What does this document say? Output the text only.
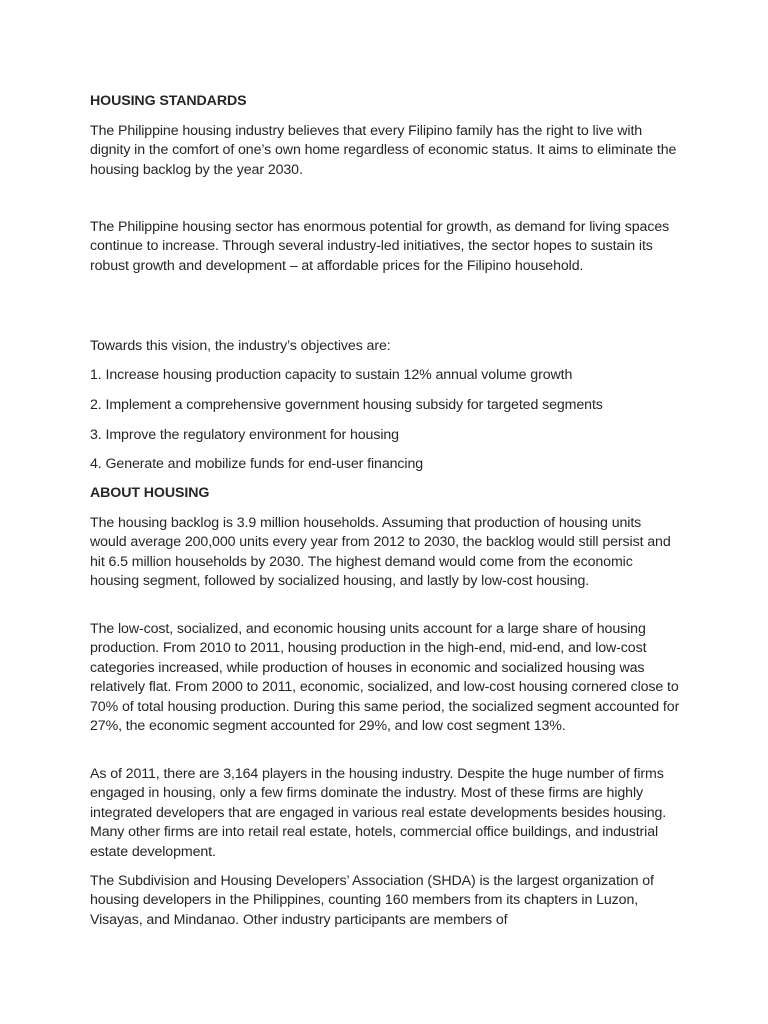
HOUSING STANDARDS
The Philippine housing industry believes that every Filipino family has the right to live with dignity in the comfort of one’s own home regardless of economic status. It aims to eliminate the housing backlog by the year 2030.
The Philippine housing sector has enormous potential for growth, as demand for living spaces continue to increase. Through several industry-led initiatives, the sector hopes to sustain its robust growth and development – at affordable prices for the Filipino household.
Towards this vision, the industry’s objectives are:
1. Increase housing production capacity to sustain 12% annual volume growth
2. Implement a comprehensive government housing subsidy for targeted segments
3. Improve the regulatory environment for housing
4. Generate and mobilize funds for end-user financing
ABOUT HOUSING
The housing backlog is 3.9 million households. Assuming that production of housing units would average 200,000 units every year from 2012 to 2030, the backlog would still persist and hit 6.5 million households by 2030. The highest demand would come from the economic housing segment, followed by socialized housing, and lastly by low-cost housing.
The low-cost, socialized, and economic housing units account for a large share of housing production. From 2010 to 2011, housing production in the high-end, mid-end, and low-cost categories increased, while production of houses in economic and socialized housing was relatively flat. From 2000 to 2011, economic, socialized, and low-cost housing cornered close to 70% of total housing production. During this same period, the socialized segment accounted for 27%, the economic segment accounted for 29%, and low cost segment 13%.
As of 2011, there are 3,164 players in the housing industry. Despite the huge number of firms engaged in housing, only a few firms dominate the industry. Most of these firms are highly integrated developers that are engaged in various real estate developments besides housing. Many other firms are into retail real estate, hotels, commercial office buildings, and industrial estate development.
The Subdivision and Housing Developers’ Association (SHDA) is the largest organization of housing developers in the Philippines, counting 160 members from its chapters in Luzon, Visayas, and Mindanao. Other industry participants are members of
